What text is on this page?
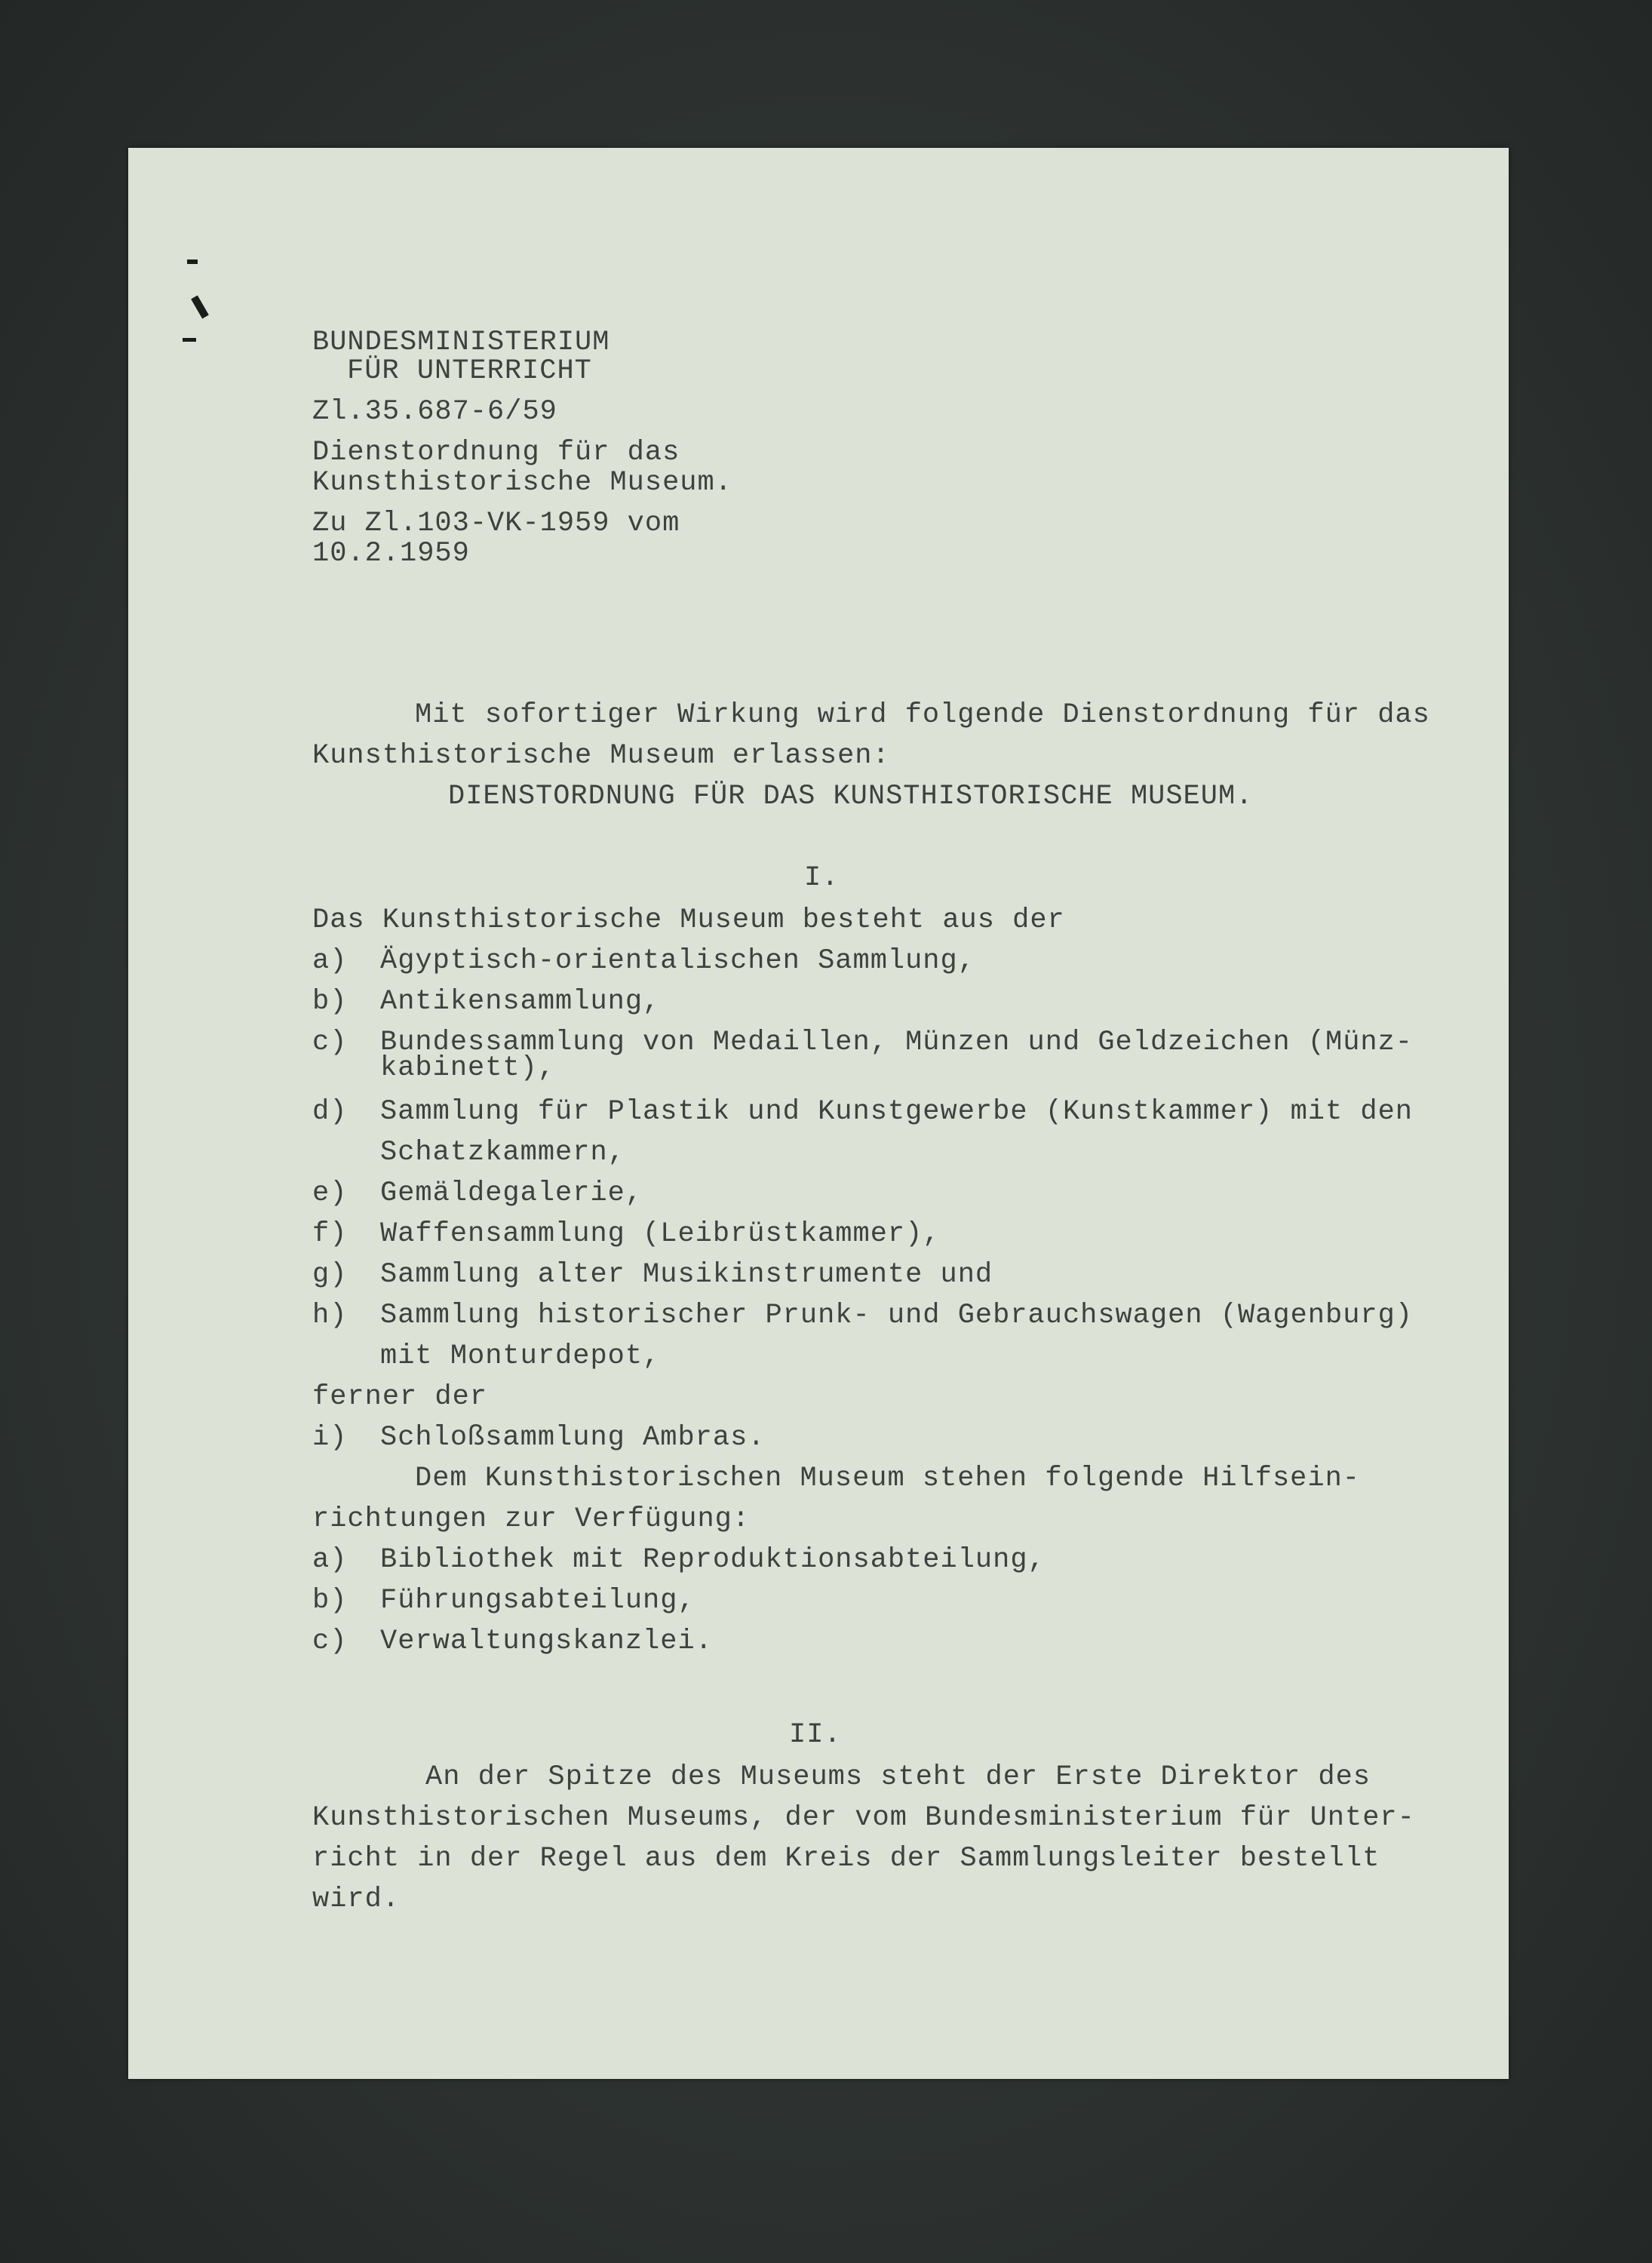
BUNDESMINISTERIUM
FÜR UNTERRICHT
Zl.35.687-6/59
Dienstordnung für das
Kunsthistorische Museum.
Zu Zl.103-VK-1959 vom
10.2.1959
Mit sofortiger Wirkung wird folgende Dienstordnung für das
Kunsthistorische Museum erlassen:
DIENSTORDNUNG FÜR DAS KUNSTHISTORISCHE MUSEUM.
I.
Das Kunsthistorische Museum besteht aus der
a) Ägyptisch-orientalischen Sammlung,
b) Antikensammlung,
c) Bundessammlung von Medaillen, Münzen und Geldzeichen (Münz-
kabinett),
d) Sammlung für Plastik und Kunstgewerbe (Kunstkammer) mit den
Schatzkammern,
e) Gemäldegalerie,
f) Waffensammlung (Leibrüstkammer),
g) Sammlung alter Musikinstrumente und
h) Sammlung historischer Prunk- und Gebrauchswagen (Wagenburg)
mit Monturdepot,
ferner der
i) Schloßsammlung Ambras.
Dem Kunsthistorischen Museum stehen folgende Hilfsein-
richtungen zur Verfügung:
a) Bibliothek mit Reproduktionsabteilung,
b) Führungsabteilung,
c) Verwaltungskanzlei.
II.
An der Spitze des Museums steht der Erste Direktor des
Kunsthistorischen Museums, der vom Bundesministerium für Unter-
richt in der Regel aus dem Kreis der Sammlungsleiter bestellt
wird.
